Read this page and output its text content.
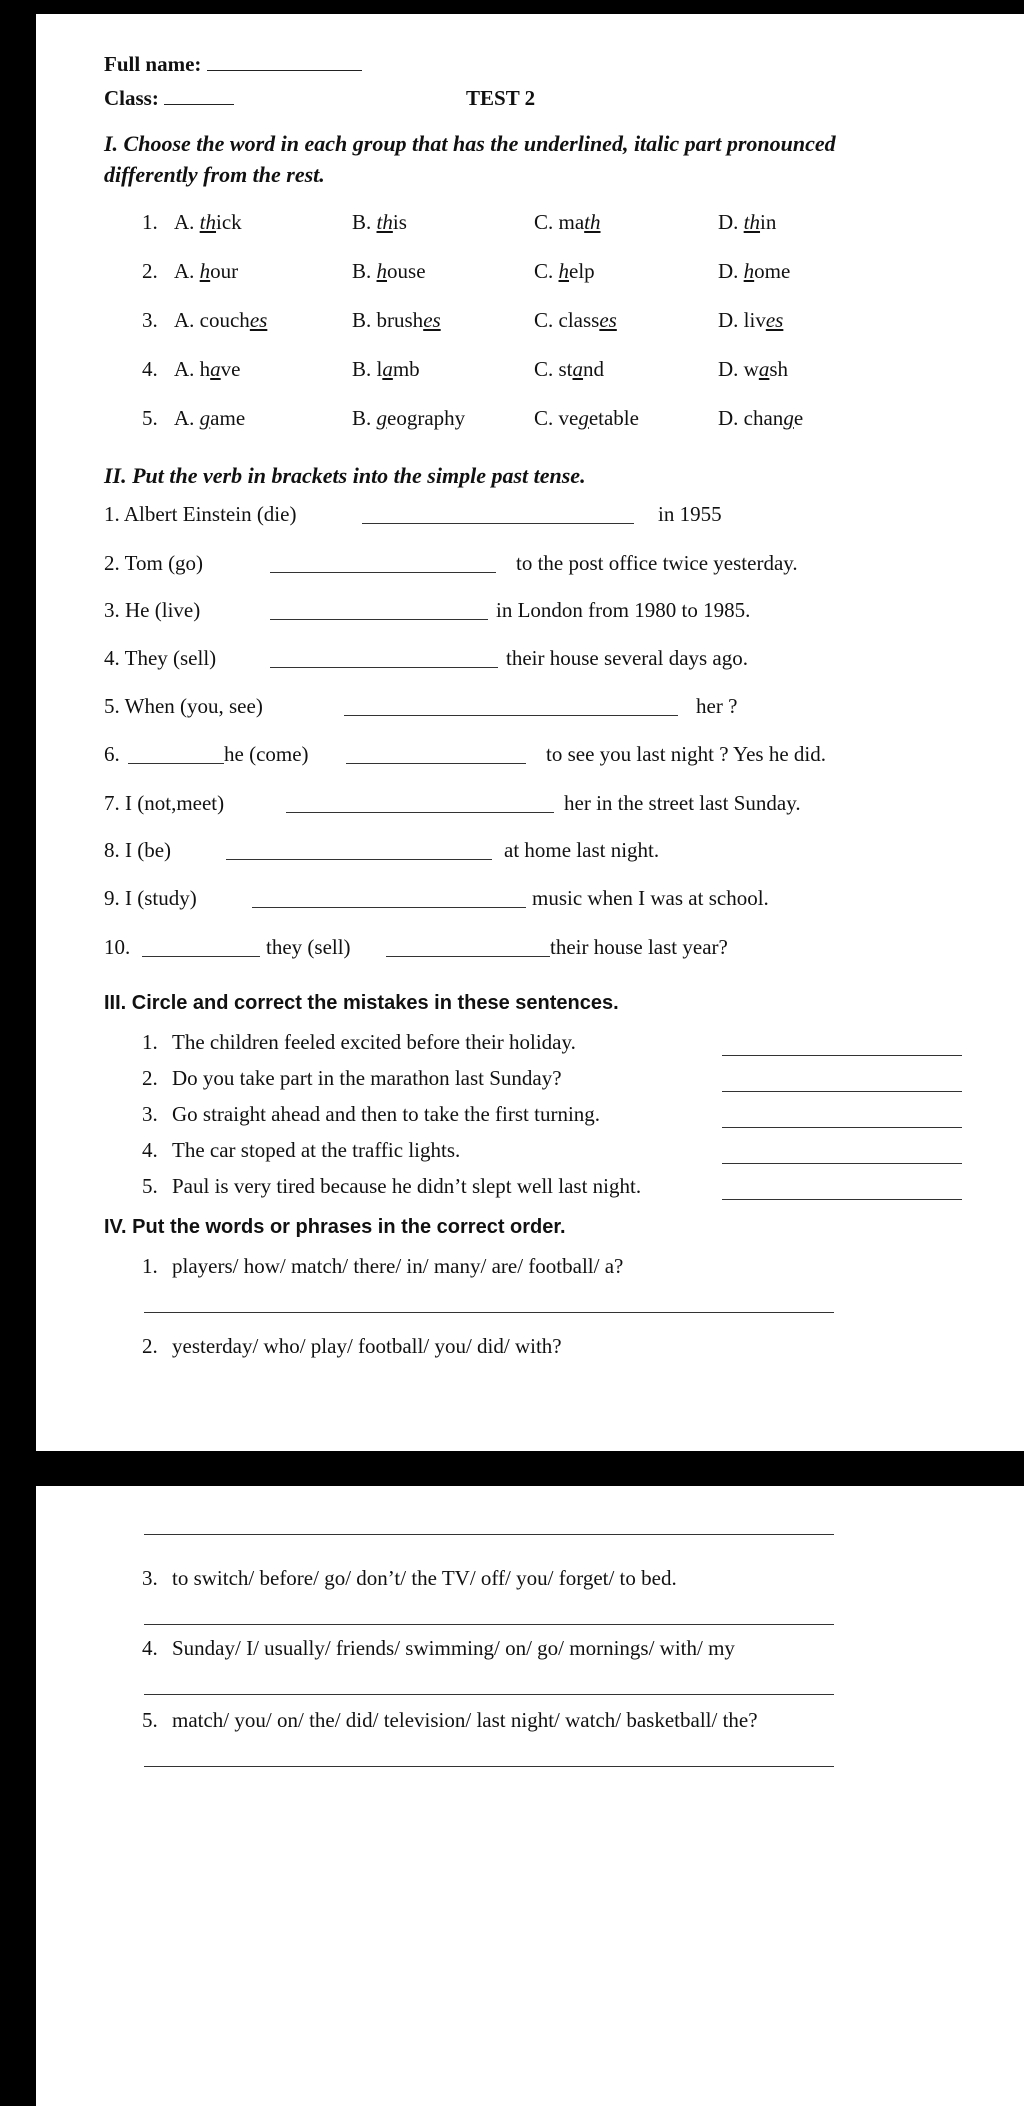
Full name:
Class:	TEST 2
I. Choose the word in each group that has the underlined, italic part pronounced
differently from the rest.
1. A. thick	B. this	C. math	D. thin
2. A. hour	B. house	C. help	D. home
3. A. couches	B. brushes	C. classes	D. lives
4. A. have	B. lamb	C. stand	D. wash
5. A. game	B. geography	C. vegetable	D. change
II. Put the verb in brackets into the simple past tense.
1. Albert Einstein (die)	in 1955
2. Tom (go)	to the post office twice yesterday.
3. He (live)	in London from 1980 to 1985.
4. They (sell)	their house several days ago.
5. When (you, see)	her ?
6.	he (come)	to see you last night ? Yes he did.
7. I (not,meet)	her in the street last Sunday.
8. I (be)	at home last night.
9. I (study)	music when I was at school.
10.	they (sell)	their house last year?
III. Circle and correct the mistakes in these sentences.
1. The children feeled excited before their holiday.
2. Do you take part in the marathon last Sunday?
3. Go straight ahead and then to take the first turning.
4. The car stoped at the traffic lights.
5. Paul is very tired because he didn’t slept well last night.
IV. Put the words or phrases in the correct order.
1. players/ how/ match/ there/ in/ many/ are/ football/ a?
2. yesterday/ who/ play/ football/ you/ did/ with?
3. to switch/ before/ go/ don’t/ the TV/ off/ you/ forget/ to bed.
4. Sunday/ I/ usually/ friends/ swimming/ on/ go/ mornings/ with/ my
5. match/ you/ on/ the/ did/ television/ last night/ watch/ basketball/ the?
